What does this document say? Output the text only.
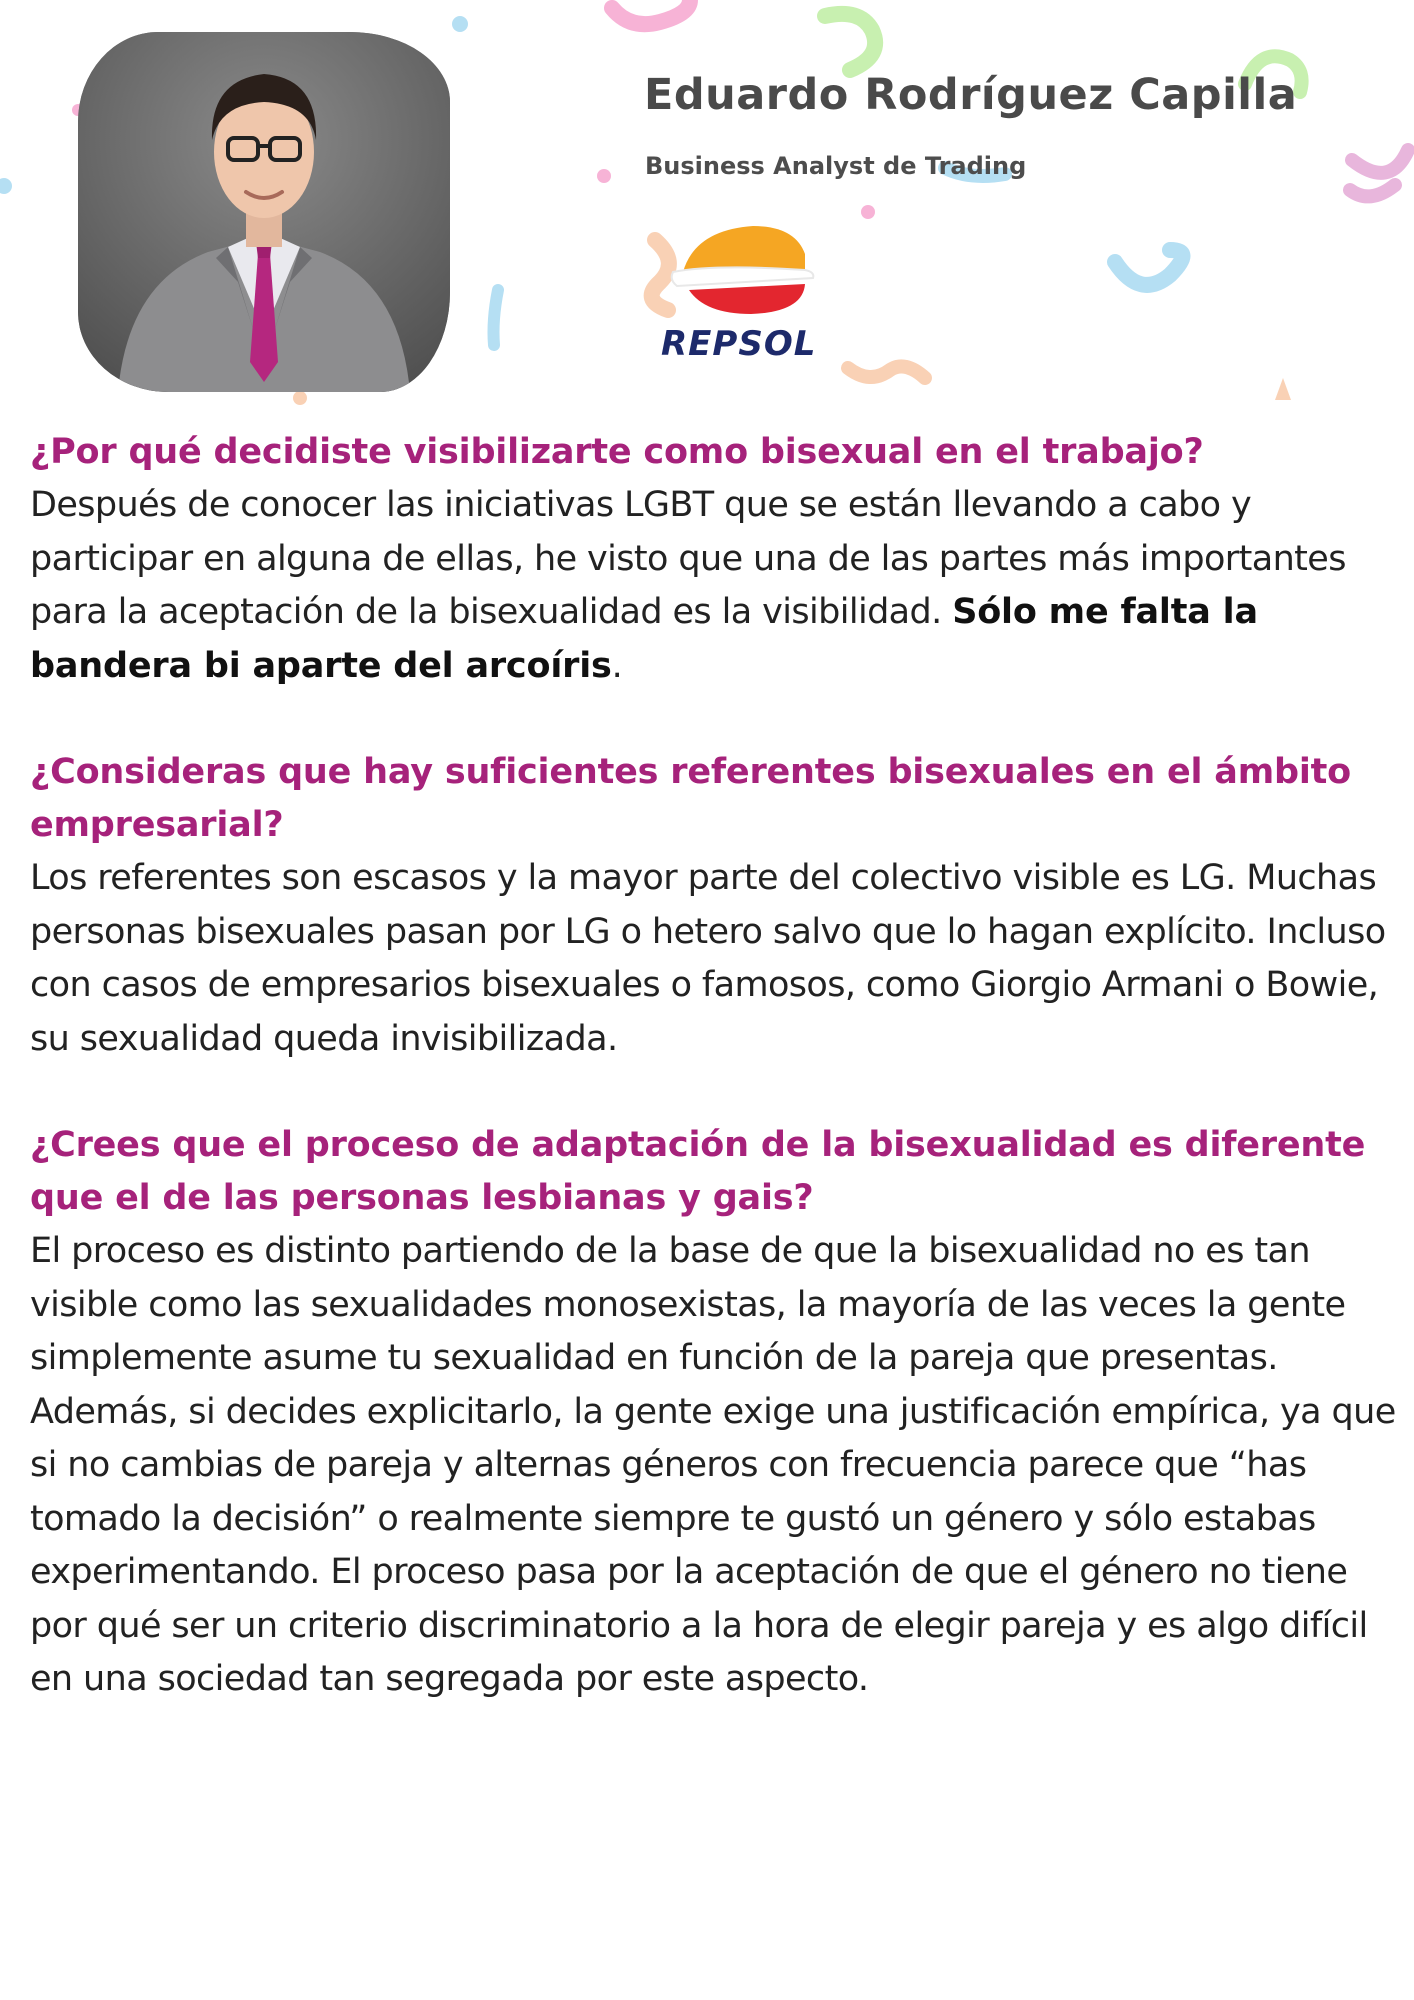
Eduardo Rodríguez Capilla

Business Analyst de Trading

REPSOL

¿Por qué decidiste visibilizarte como bisexual en el trabajo?

Después de conocer las iniciativas LGBT que se están llevando a cabo y participar en alguna de ellas, he visto que una de las partes más importantes para la aceptación de la bisexualidad es la visibilidad. Sólo me falta la bandera bi aparte del arcoíris.

¿Consideras que hay suficientes referentes bisexuales en el ámbito empresarial?

Los referentes son escasos y la mayor parte del colectivo visible es LG. Muchas personas bisexuales pasan por LG o hetero salvo que lo hagan explícito. Incluso con casos de empresarios bisexuales o famosos, como Giorgio Armani o Bowie, su sexualidad queda invisibilizada.

¿Crees que el proceso de adaptación de la bisexualidad es diferente que el de las personas lesbianas y gais?

El proceso es distinto partiendo de la base de que la bisexualidad no es tan visible como las sexualidades monosexistas, la mayoría de las veces la gente simplemente asume tu sexualidad en función de la pareja que presentas. Además, si decides explicitarlo, la gente exige una justificación empírica, ya que si no cambias de pareja y alternas géneros con frecuencia parece que “has tomado la decisión” o realmente siempre te gustó un género y sólo estabas experimentando. El proceso pasa por la aceptación de que el género no tiene por qué ser un criterio discriminatorio a la hora de elegir pareja y es algo difícil en una sociedad tan segregada por este aspecto.
